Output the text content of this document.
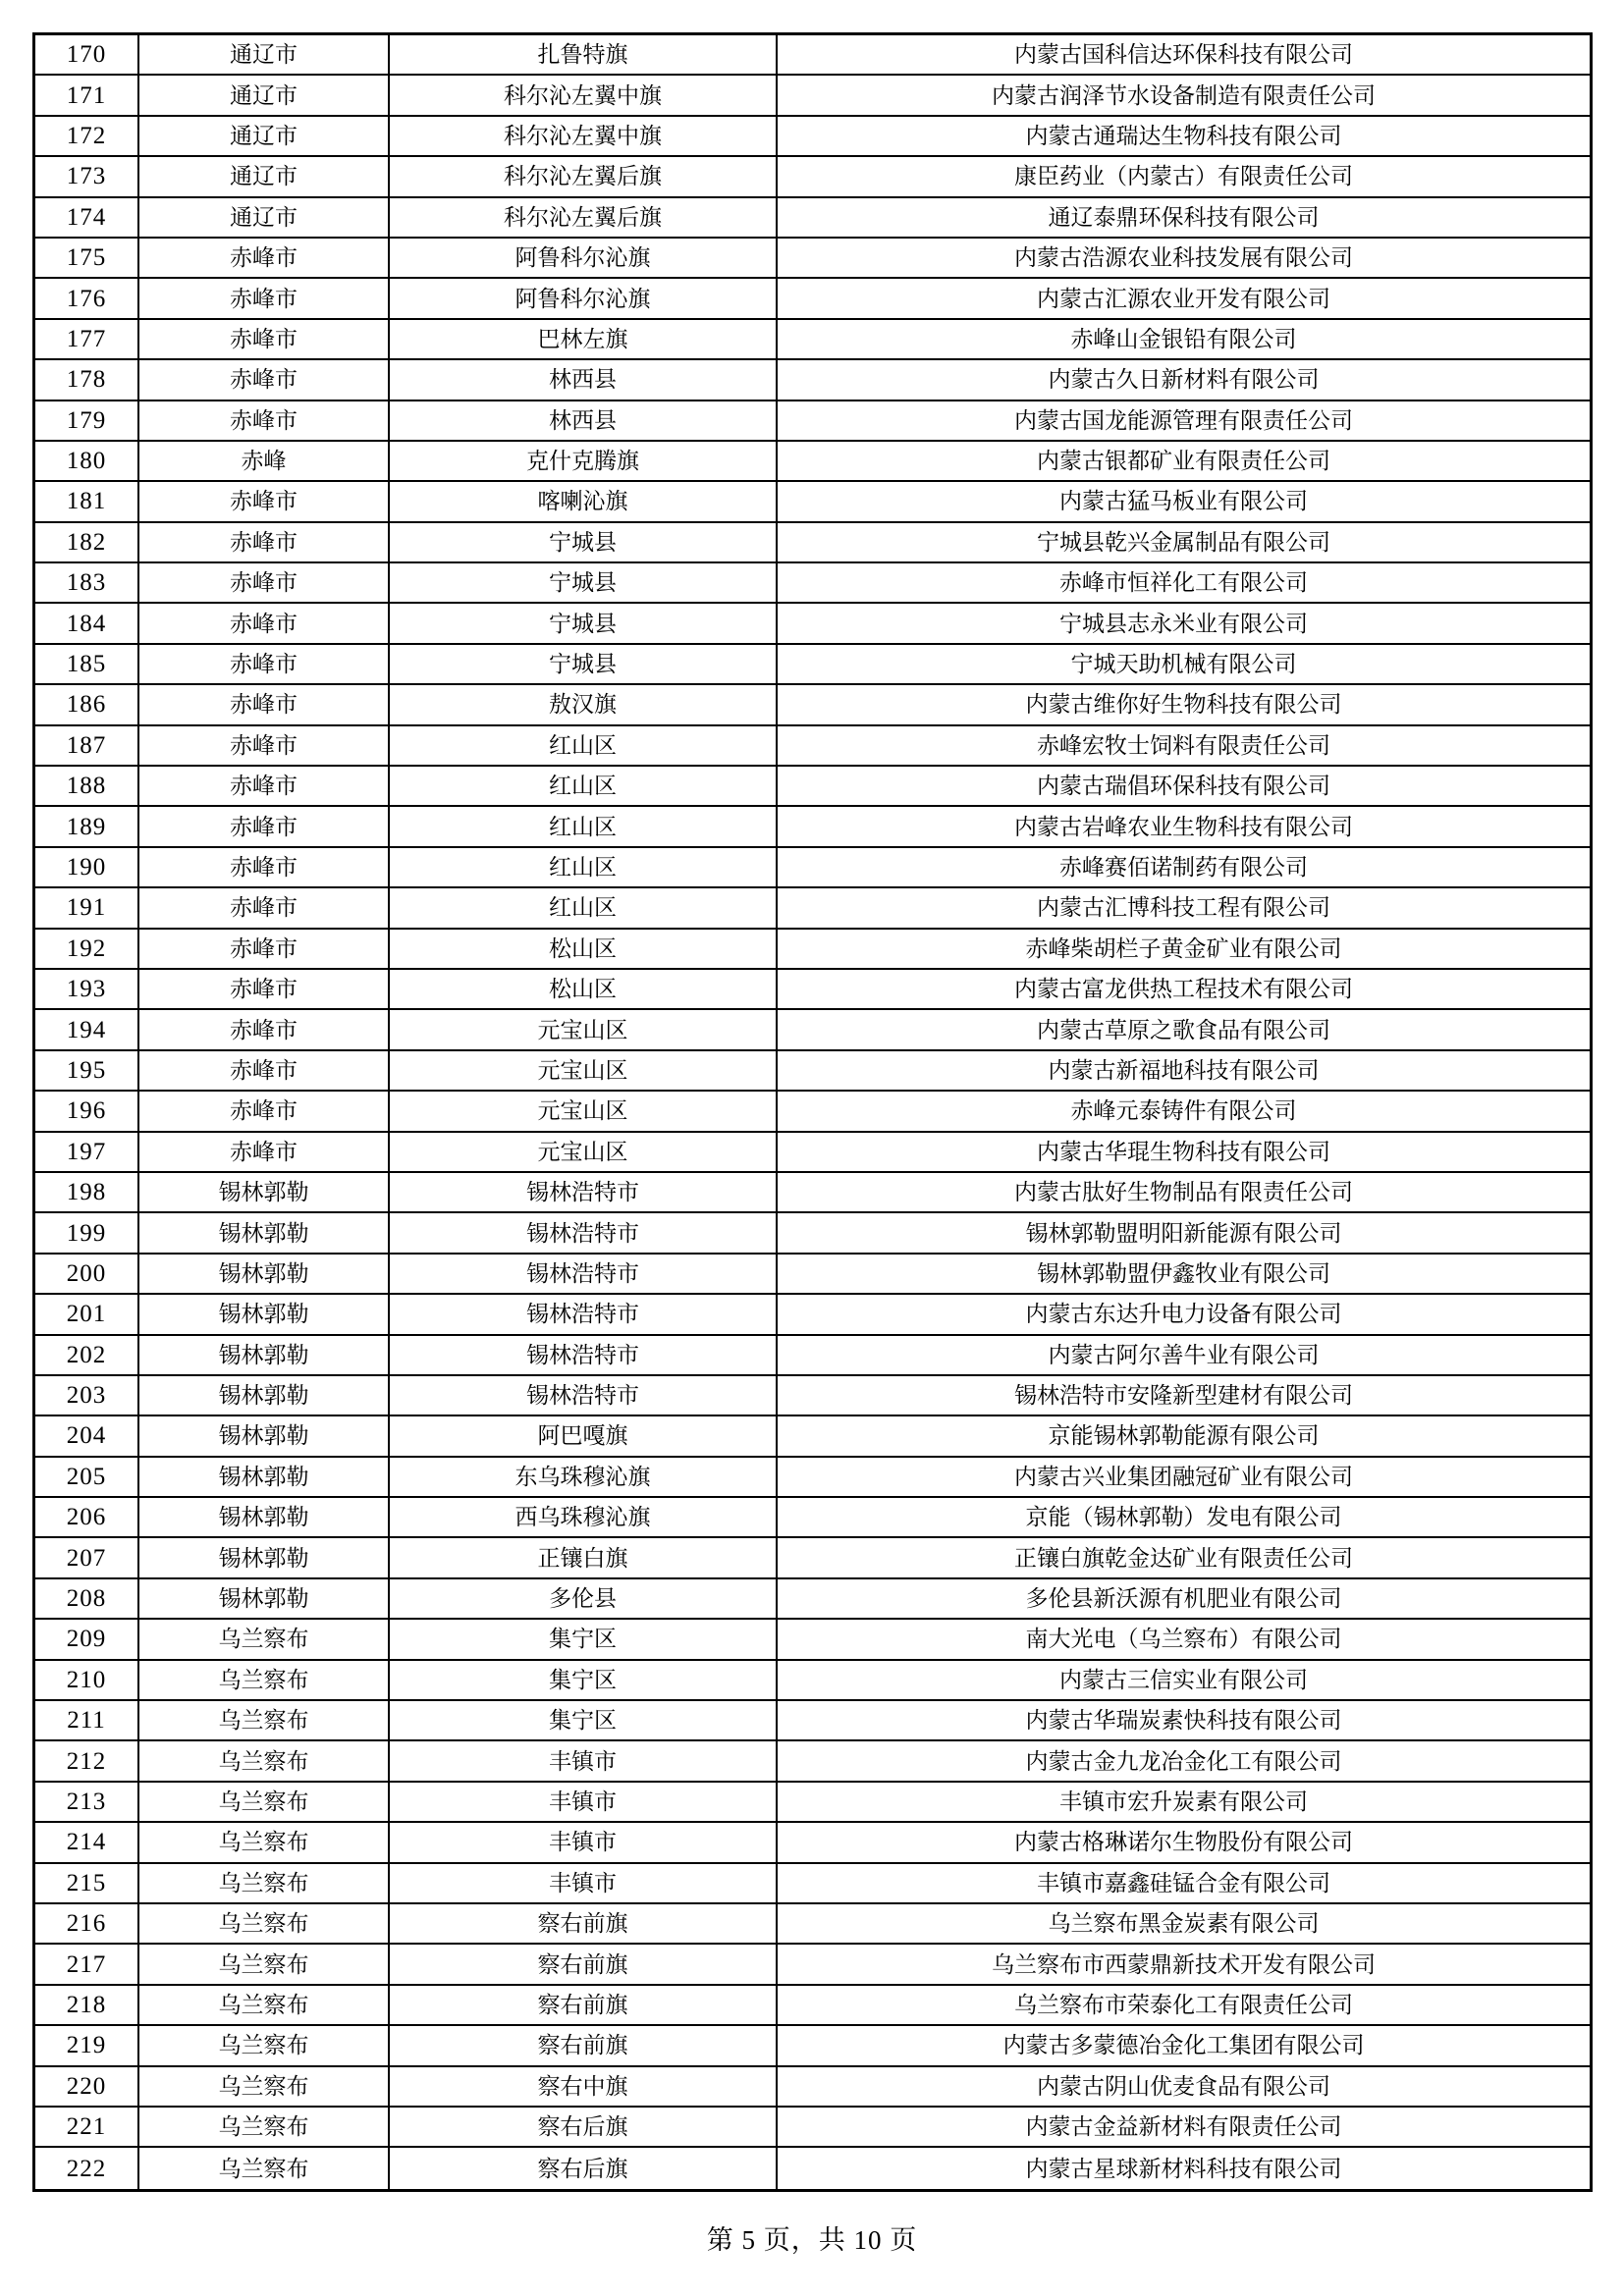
170	通辽市	扎鲁特旗	内蒙古国科信达环保科技有限公司
171	通辽市	科尔沁左翼中旗	内蒙古润泽节水设备制造有限责任公司
172	通辽市	科尔沁左翼中旗	内蒙古通瑞达生物科技有限公司
173	通辽市	科尔沁左翼后旗	康臣药业（内蒙古）有限责任公司
174	通辽市	科尔沁左翼后旗	通辽泰鼎环保科技有限公司
175	赤峰市	阿鲁科尔沁旗	内蒙古浩源农业科技发展有限公司
176	赤峰市	阿鲁科尔沁旗	内蒙古汇源农业开发有限公司
177	赤峰市	巴林左旗	赤峰山金银铅有限公司
178	赤峰市	林西县	内蒙古久日新材料有限公司
179	赤峰市	林西县	内蒙古国龙能源管理有限责任公司
180	赤峰	克什克腾旗	内蒙古银都矿业有限责任公司
181	赤峰市	喀喇沁旗	内蒙古猛马板业有限公司
182	赤峰市	宁城县	宁城县乾兴金属制品有限公司
183	赤峰市	宁城县	赤峰市恒祥化工有限公司
184	赤峰市	宁城县	宁城县志永米业有限公司
185	赤峰市	宁城县	宁城天助机械有限公司
186	赤峰市	敖汉旗	内蒙古维你好生物科技有限公司
187	赤峰市	红山区	赤峰宏牧士饲料有限责任公司
188	赤峰市	红山区	内蒙古瑞倡环保科技有限公司
189	赤峰市	红山区	内蒙古岩峰农业生物科技有限公司
190	赤峰市	红山区	赤峰赛佰诺制药有限公司
191	赤峰市	红山区	内蒙古汇博科技工程有限公司
192	赤峰市	松山区	赤峰柴胡栏子黄金矿业有限公司
193	赤峰市	松山区	内蒙古富龙供热工程技术有限公司
194	赤峰市	元宝山区	内蒙古草原之歌食品有限公司
195	赤峰市	元宝山区	内蒙古新福地科技有限公司
196	赤峰市	元宝山区	赤峰元泰铸件有限公司
197	赤峰市	元宝山区	内蒙古华琨生物科技有限公司
198	锡林郭勒	锡林浩特市	内蒙古肽好生物制品有限责任公司
199	锡林郭勒	锡林浩特市	锡林郭勒盟明阳新能源有限公司
200	锡林郭勒	锡林浩特市	锡林郭勒盟伊鑫牧业有限公司
201	锡林郭勒	锡林浩特市	内蒙古东达升电力设备有限公司
202	锡林郭勒	锡林浩特市	内蒙古阿尔善牛业有限公司
203	锡林郭勒	锡林浩特市	锡林浩特市安隆新型建材有限公司
204	锡林郭勒	阿巴嘎旗	京能锡林郭勒能源有限公司
205	锡林郭勒	东乌珠穆沁旗	内蒙古兴业集团融冠矿业有限公司
206	锡林郭勒	西乌珠穆沁旗	京能（锡林郭勒）发电有限公司
207	锡林郭勒	正镶白旗	正镶白旗乾金达矿业有限责任公司
208	锡林郭勒	多伦县	多伦县新沃源有机肥业有限公司
209	乌兰察布	集宁区	南大光电（乌兰察布）有限公司
210	乌兰察布	集宁区	内蒙古三信实业有限公司
211	乌兰察布	集宁区	内蒙古华瑞炭素快科技有限公司
212	乌兰察布	丰镇市	内蒙古金九龙冶金化工有限公司
213	乌兰察布	丰镇市	丰镇市宏升炭素有限公司
214	乌兰察布	丰镇市	内蒙古格琳诺尔生物股份有限公司
215	乌兰察布	丰镇市	丰镇市嘉鑫硅锰合金有限公司
216	乌兰察布	察右前旗	乌兰察布黑金炭素有限公司
217	乌兰察布	察右前旗	乌兰察布市西蒙鼎新技术开发有限公司
218	乌兰察布	察右前旗	乌兰察布市荣泰化工有限责任公司
219	乌兰察布	察右前旗	内蒙古多蒙德冶金化工集团有限公司
220	乌兰察布	察右中旗	内蒙古阴山优麦食品有限公司
221	乌兰察布	察右后旗	内蒙古金益新材料有限责任公司
222	乌兰察布	察右后旗	内蒙古星球新材料科技有限公司
第 5 页，共 10 页
